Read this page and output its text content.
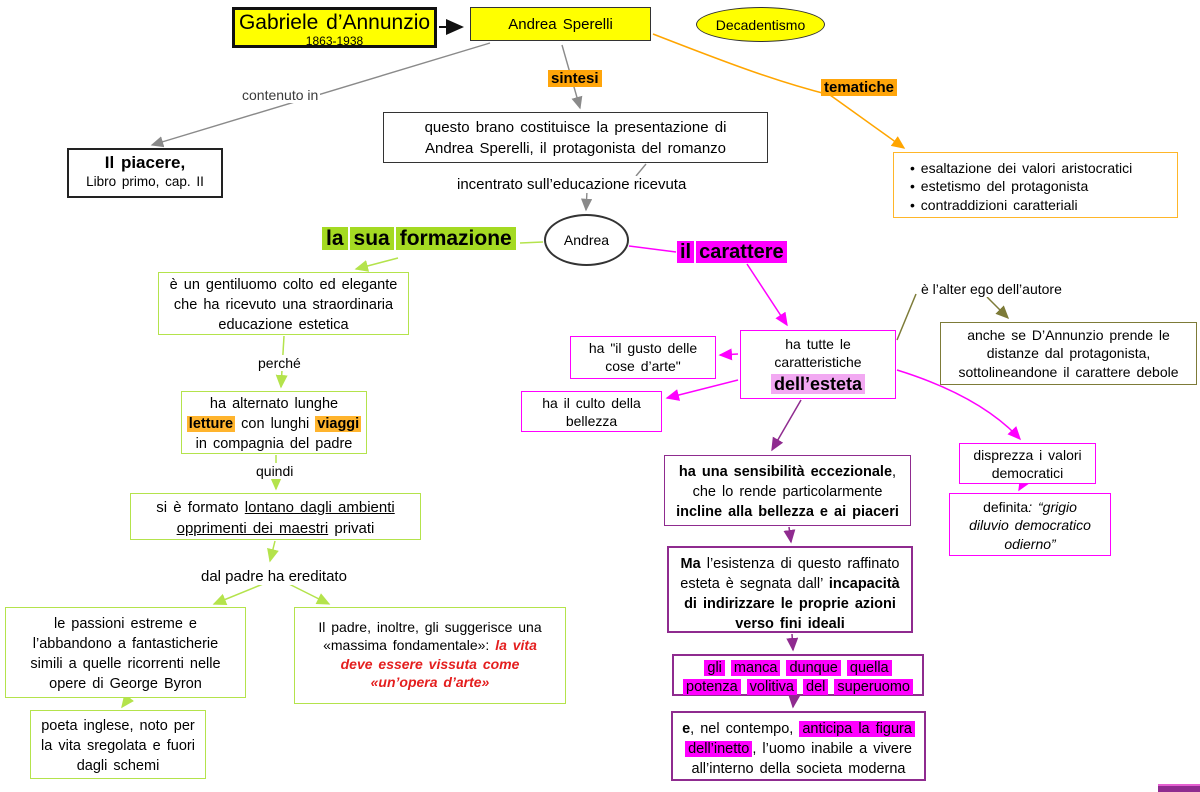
Gabriele d’Annunzio
1863-1938
Andrea Sperelli	Decadentismo
sintesi
contenuto in	tematiche
Il piacere,
Libro primo, cap. II
questo brano costituisce la presentazione di
Andrea Sperelli, il protagonista del romanzo
incentrato sull’educazione ricevuta
Andrea
la sua formazione
il carattere
è un gentiluomo colto ed elegante
che ha ricevuto una straordinaria
educazione estetica
perché
ha alternato lunghe
letture con lunghi viaggi
in compagnia del padre
quindi
si è formato lontano dagli ambienti
opprimenti dei maestri privati
dal padre ha ereditato
le passioni estreme e
l’abbandono a fantasticherie
simili a quelle ricorrenti nelle
opere di George Byron
poeta inglese, noto per
la vita sregolata e fuori
dagli schemi
Il padre, inoltre, gli suggerisce una
«massima fondamentale»: la vita
deve essere vissuta come
«un’opera d’arte»
ha tutte le
caratteristiche
dell’esteta
ha "il gusto delle
cose d’arte"
ha il culto della
bellezza
è l’alter ego dell’autore
anche se D’Annunzio prende le
distanze dal protagonista,
sottolineandone il carattere debole
• esaltazione dei valori aristocratici
• estetismo del protagonista
• contraddizioni caratteriali
disprezza i valori
democratici
definita: “grigio
diluvio democratico
odierno”
ha una sensibilità eccezionale,
che lo rende particolarmente
incline alla bellezza e ai piaceri
Ma l’esistenza di questo raffinato
esteta è segnata dall’ incapacità
di indirizzare le proprie azioni
verso fini ideali
gli manca dunque quella
potenza volitiva del superuomo
e, nel contempo, anticipa la figura
dell’inetto , l’uomo inabile a vivere
all’interno della societa moderna
